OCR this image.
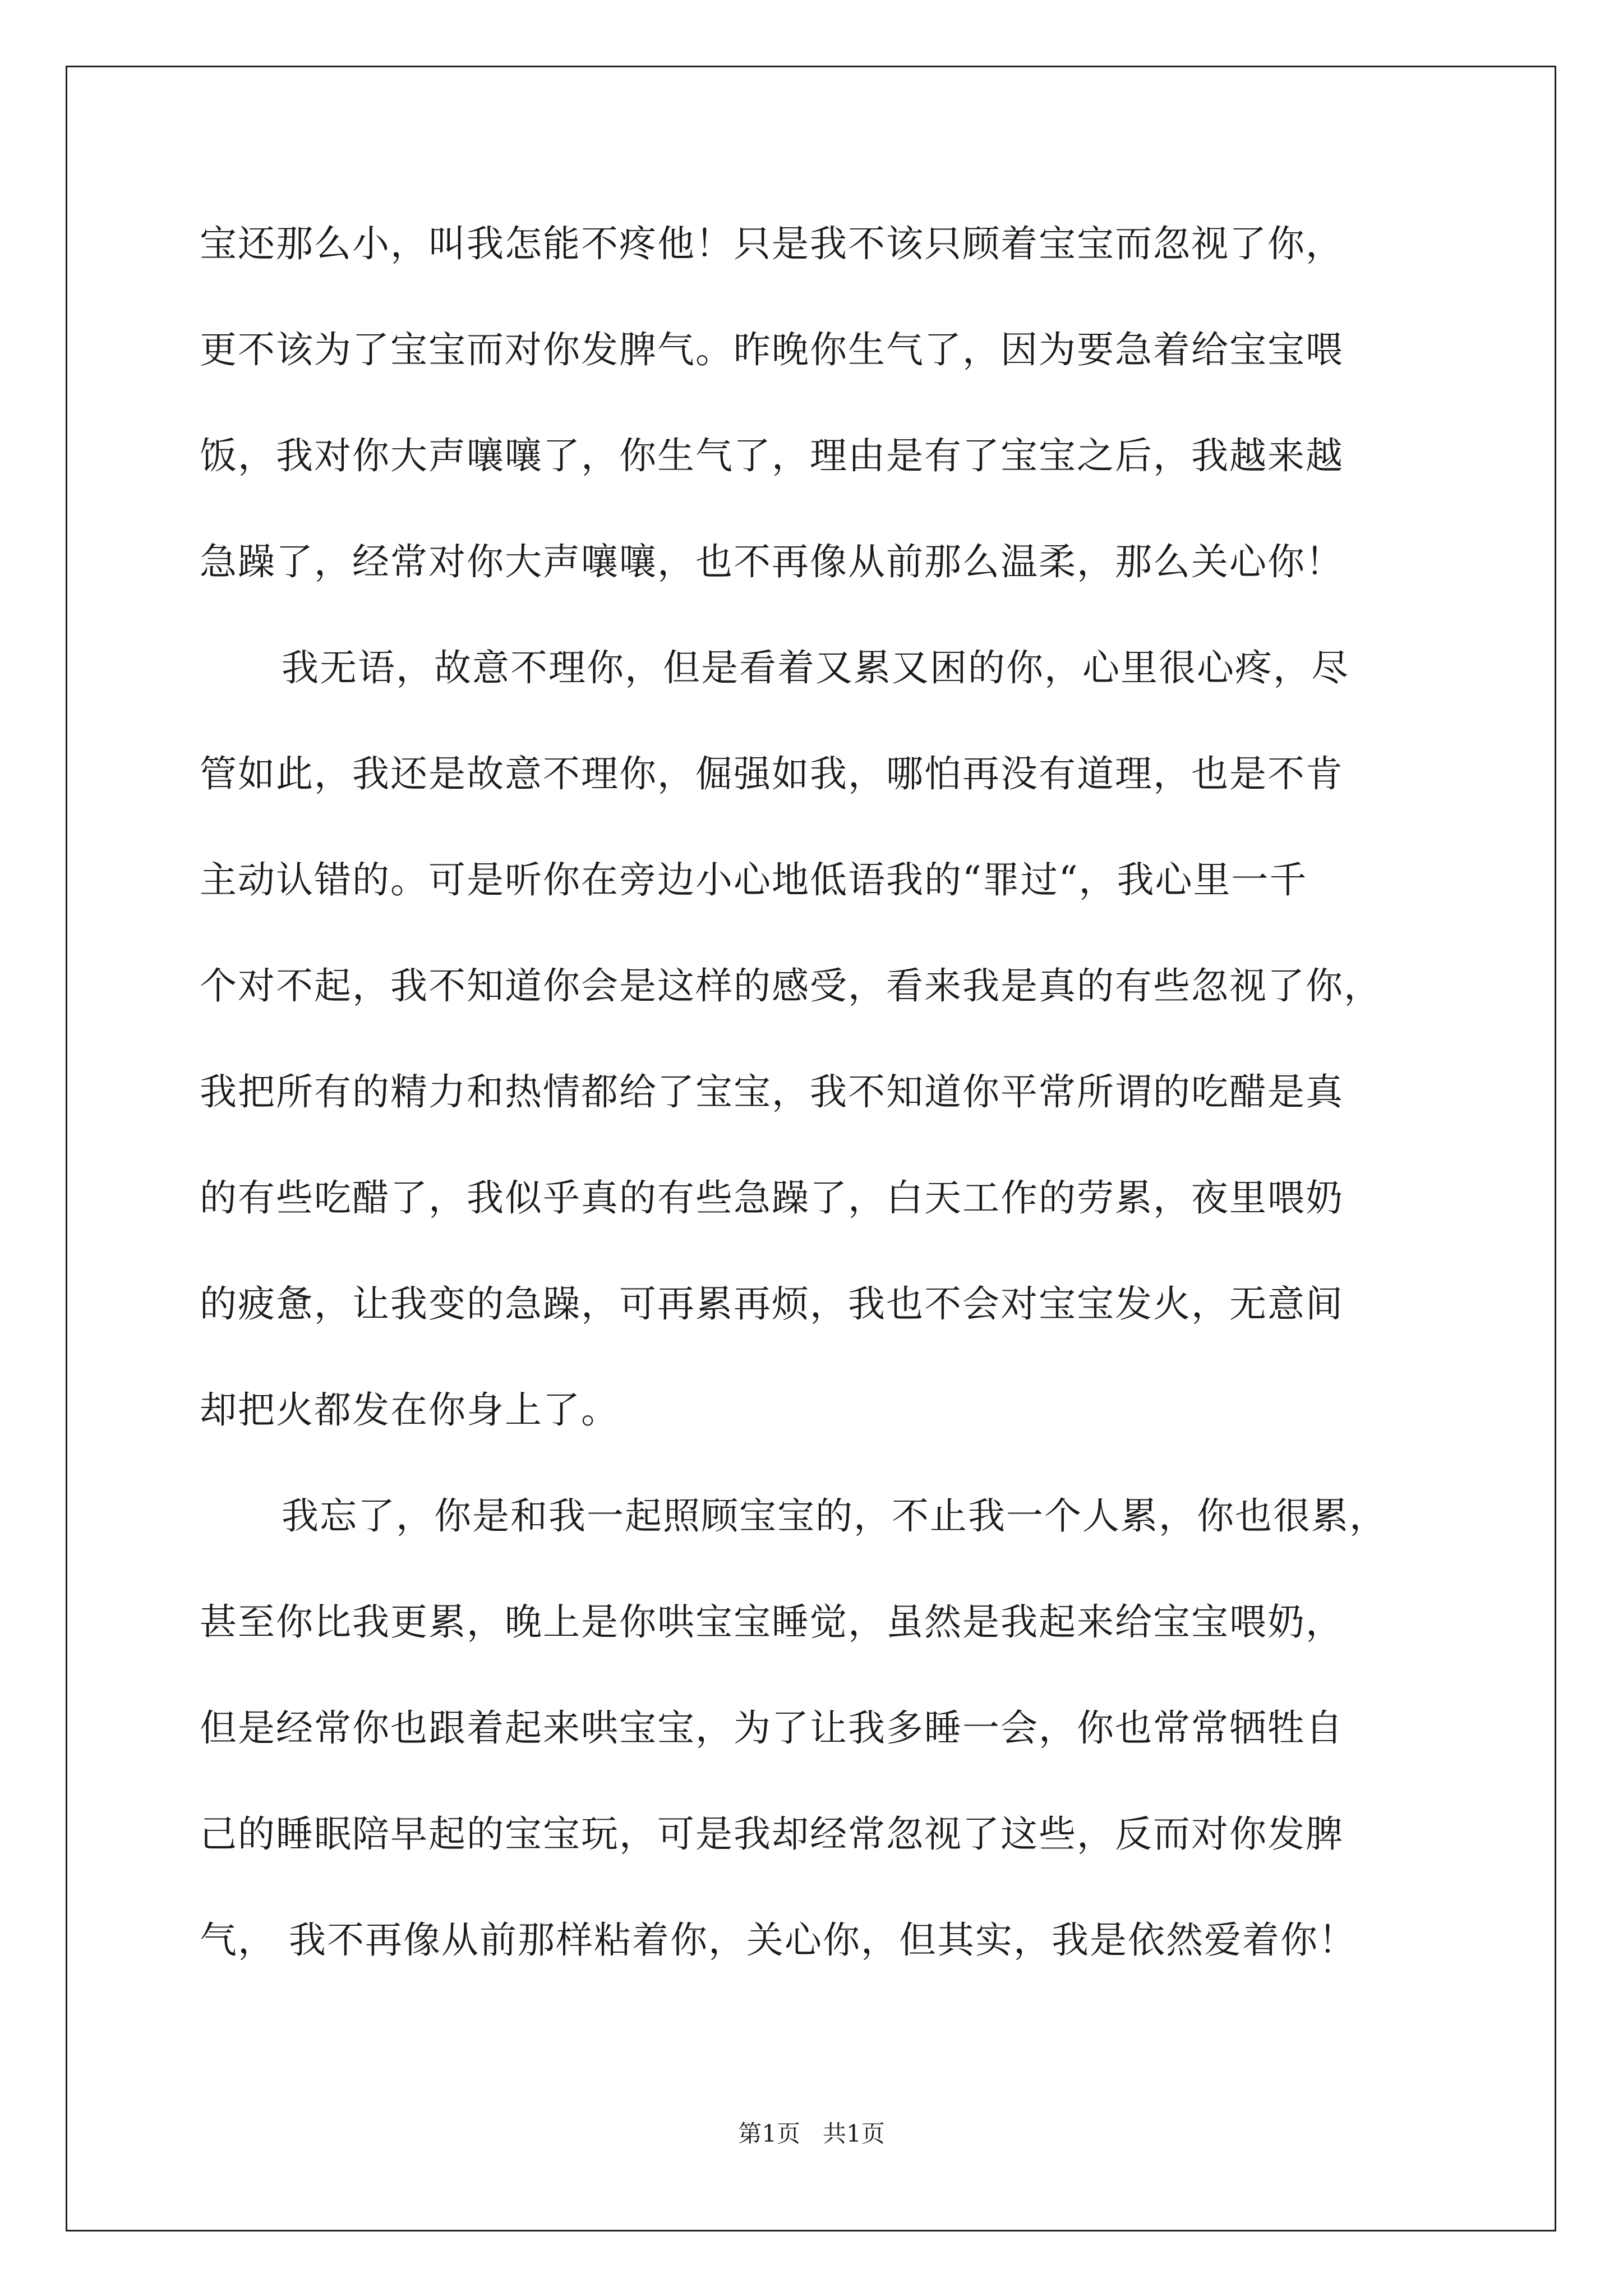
宝还那么小，叫我怎能不疼他！只是我不该只顾着宝宝而忽视了你，
更不该为了宝宝而对你发脾气。昨晚你生气了，因为要急着给宝宝喂
饭，我对你大声嚷嚷了，你生气了，理由是有了宝宝之后，我越来越
急躁了，经常对你大声嚷嚷，也不再像从前那么温柔，那么关心你！
我无语，故意不理你，但是看着又累又困的你，心里很心疼，尽
管如此，我还是故意不理你，倔强如我，哪怕再没有道理，也是不肯
主动认错的。可是听你在旁边小心地低语我的“罪过“，我心里一千
个对不起，我不知道你会是这样的感受，看来我是真的有些忽视了你，
我把所有的精力和热情都给了宝宝，我不知道你平常所谓的吃醋是真
的有些吃醋了，我似乎真的有些急躁了，白天工作的劳累，夜里喂奶
的疲惫，让我变的急躁，可再累再烦，我也不会对宝宝发火，无意间
却把火都发在你身上了。
我忘了，你是和我一起照顾宝宝的，不止我一个人累，你也很累，
甚至你比我更累，晚上是你哄宝宝睡觉，虽然是我起来给宝宝喂奶，
但是经常你也跟着起来哄宝宝，为了让我多睡一会，你也常常牺牲自
己的睡眠陪早起的宝宝玩，可是我却经常忽视了这些，反而对你发脾
气， 我不再像从前那样粘着你，关心你，但其实，我是依然爱着你！
第1页   共1页
